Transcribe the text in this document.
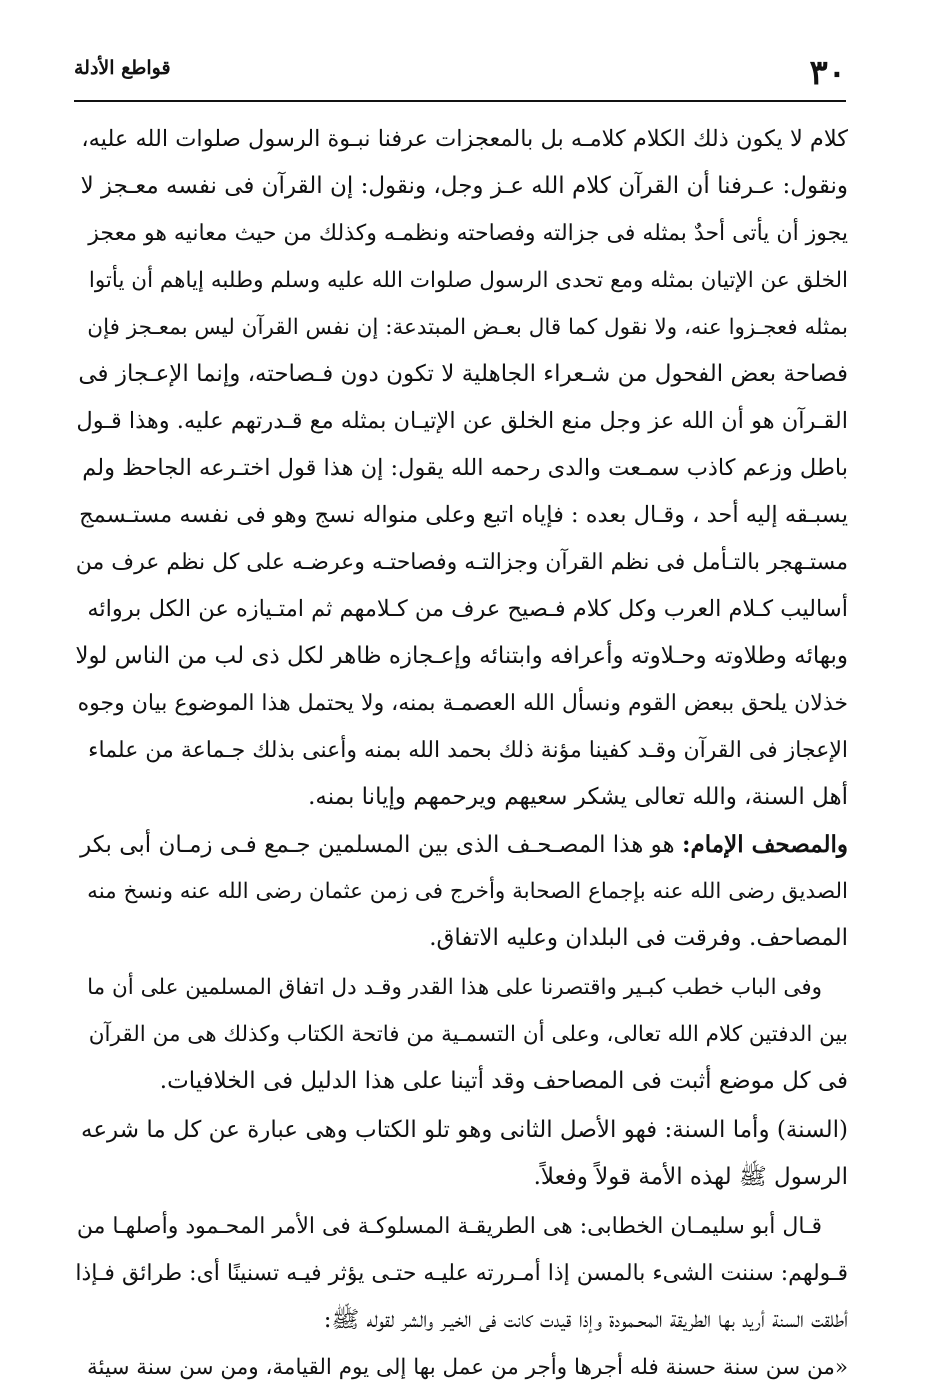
قواطع الأدلة	٣٠
كلام لا يكون ذلك الكلام كلامـه بل بالمعجزات عرفنا نبـوة الرسول صلوات الله عليه،
ونقول: عـرفنا أن القرآن كلام الله عـز وجل، ونقول: إن القرآن فى نفسه معـجز لا
يجوز أن يأتى أحدٌ بمثله فى جزالته وفصاحته ونظمـه وكذلك من حيث معانيه هو معجز
الخلق عن الإتيان بمثله ومع تحدى الرسول صلوات الله عليه وسلم وطلبه إياهم أن يأتوا
بمثله فعجـزوا عنه، ولا نقول كما قال بعـض المبتدعة: إن نفس القرآن ليس بمعـجز فإن
فصاحة بعض الفحول من شـعراء الجاهلية لا تكون دون فـصاحته، وإنما الإعـجاز فى
القـرآن هو أن الله عز وجل منع الخلق عن الإتيـان بمثله مع قـدرتهم عليه. وهذا قـول
باطل وزعم كاذب سمـعت والدى رحمه الله يقول: إن هذا قول اختـرعه الجاحظ ولم
يسبـقه إليه أحد ، وقـال بعده : فإياه اتبع وعلى منواله نسج وهو فى نفسه مستـسمج
مستـهجر بالتـأمل فى نظم القرآن وجزالتـه وفصاحتـه وعرضـه على كل نظم عرف من
أساليب كـلام العرب وكل كلام فـصيح عرف من كـلامهم ثم امتـيازه عن الكل بروائه
وبهائه وطلاوته وحـلاوته وأعرافه وابتنائه وإعـجازه ظاهر لكل ذى لب من الناس لولا
خذلان يلحق ببعض القوم ونسأل الله العصمـة بمنه، ولا يحتمل هذا الموضوع بيان وجوه
الإعجاز فى القرآن وقـد كفينا مؤنة ذلك بحمد الله بمنه وأعنى بذلك جـماعة من علماء
أهل السنة، والله تعالى يشكر سعيهم ويرحمهم وإيانا بمنه.
والمصحف الإمام: هو هذا المصـحـف الذى بين المسلمين جـمع فـى زمـان أبى بكر
الصديق رضى الله عنه بإجماع الصحابة وأخرج فى زمن عثمان رضى الله عنه ونسخ منه
المصاحف. وفرقت فى البلدان وعليه الاتفاق.
وفى الباب خطب كبـير واقتصرنا على هذا القدر وقـد دل اتفاق المسلمين على أن ما
بين الدفتين كلام الله تعالى، وعلى أن التسمـية من فاتحة الكتاب وكذلك هى من القرآن
فى كل موضع أثبت فى المصاحف وقد أتينا على هذا الدليل فى الخلافيات.
(السنة) وأما السنة: فهو الأصل الثانى وهو تلو الكتاب وهى عبارة عن كل ما شرعه
الرسول ﷺ لهذه الأمة قولاً وفعلاً.
قـال أبو سليمـان الخطابى: هى الطريقـة المسلوكـة فى الأمر المحـمود وأصلهـا من
قـولهم: سننت الشىء بالمسن إذا أمـررته عليـه حتـى يؤثر فيـه تسنينًا أى: طرائق فـإذا
أطلقت السنة أريد بها الطريقة المحـمودة وإذا قيدت كانت فى الخيـر والشر لقوله ﷺ:
«من سن سنة حسنة فله أجرها وأجر من عمل بها إلى يوم القيامة، ومن سن سنة سيئة
